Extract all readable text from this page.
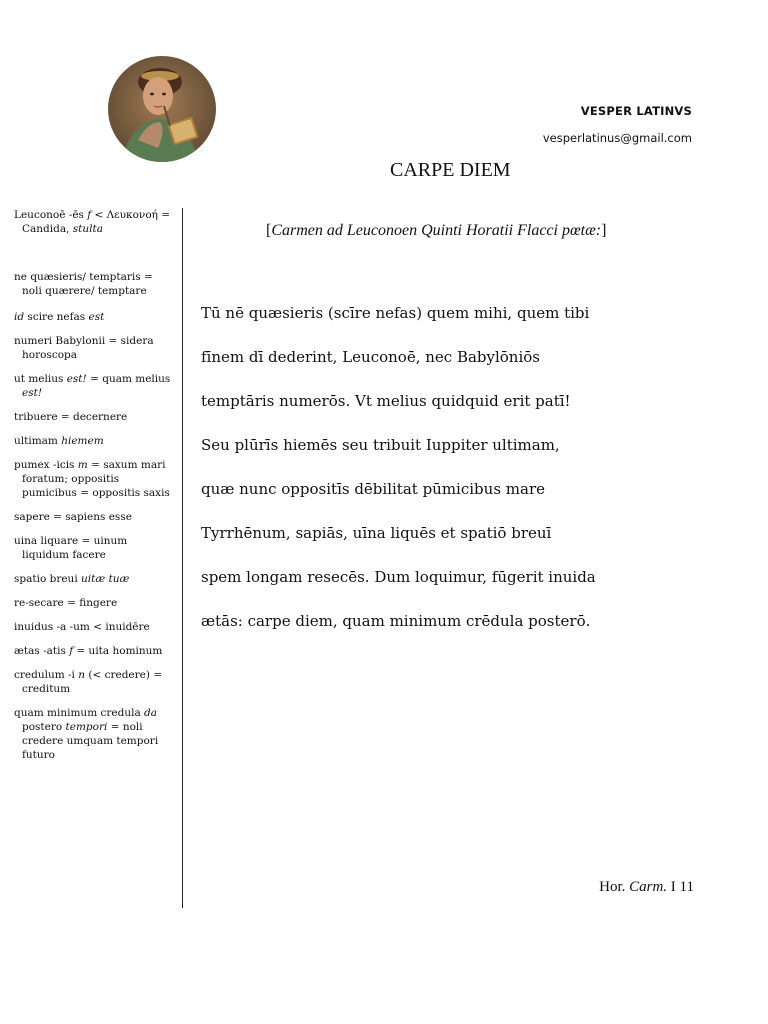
VESPER LATINVS
vesperlatinus@gmail.com
CARPE DIEM
[Carmen ad Leuconoen Quinti Horatii Flacci pœtæ:]
Leuconoē -ēs f < Λευκονοή =
Candida, stulta
ne quæsieris/ temptaris =
noli quærere/ temptare
id scire nefas est
numeri Babylonii = sidera
horoscopa
ut melius est! = quam melius
est!
tribuere = decernere
ultimam hiemem
pumex -icis m = saxum mari
foratum; oppositis
pumicibus = oppositis saxis
sapere = sapiens esse
uina liquare = uinum
liquidum facere
spatio breui uitæ tuæ
re-secare = fingere
inuidus -a -um < inuidēre
ætas -atis f = uita hominum
credulum -i n (< credere) =
creditum
quam minimum credula da
postero tempori = noli
credere umquam tempori
futuro
Tū nē quæsieris (scīre nefas) quem mihi, quem tibi
fīnem dī dederint, Leuconoē, nec Babylōniōs
temptāris numerōs. Vt melius quidquid erit patī!
Seu plūrīs hiemēs seu tribuit Iuppiter ultimam,
quæ nunc oppositīs dēbilitat pūmicibus mare
Tyrrhēnum, sapiās, uīna liquēs et spatiō breuī
spem longam resecēs. Dum loquimur, fūgerit inuida
ætās: carpe diem, quam minimum crēdula posterō.
Hor. Carm. I 11
